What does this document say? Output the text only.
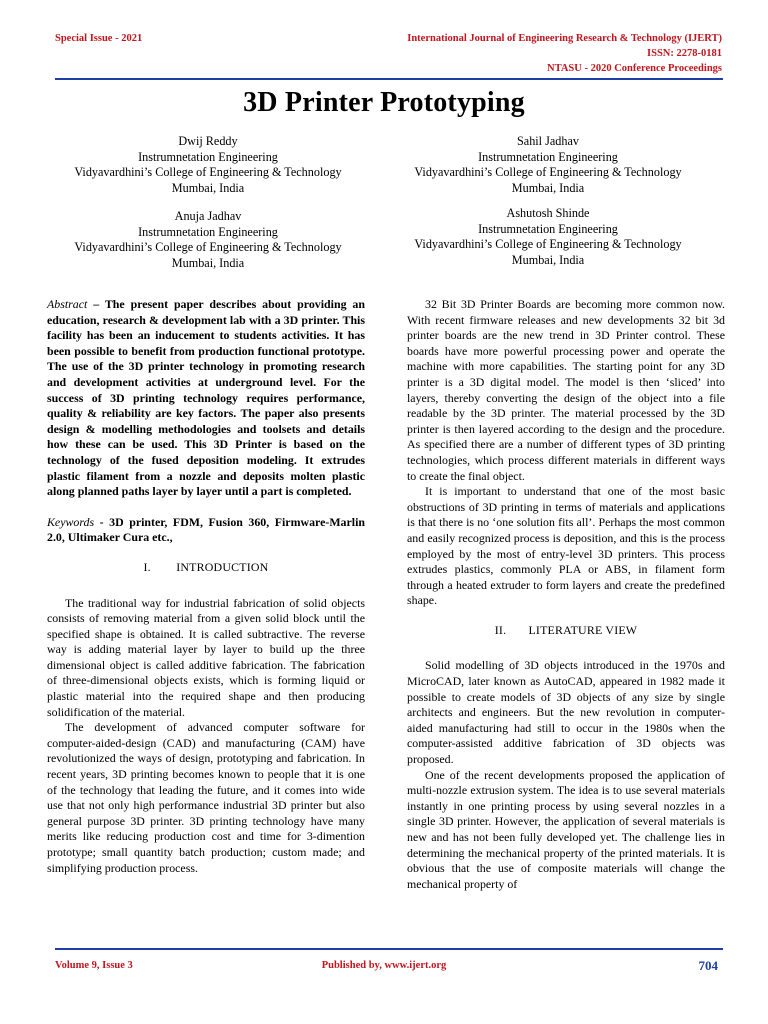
Special Issue - 2021	International Journal of Engineering Research & Technology (IJERT)
ISSN: 2278-0181
NTASU - 2020 Conference Proceedings
3D Printer Prototyping
Dwij Reddy
Instrumnetation Engineering
Vidyavardhini’s College of Engineering & Technology
Mumbai, India
Sahil Jadhav
Instrumnetation Engineering
Vidyavardhini’s College of Engineering & Technology
Mumbai, India
Anuja Jadhav
Instrumnetation Engineering
Vidyavardhini’s College of Engineering & Technology
Mumbai, India
Ashutosh Shinde
Instrumnetation Engineering
Vidyavardhini’s College of Engineering & Technology
Mumbai, India

Abstract – The present paper describes about providing an education, research & development lab with a 3D printer. This facility has been an inducement to students activities. It has been possible to benefit from production functional prototype. The use of the 3D printer technology in promoting research and development activities at underground level. For the success of 3D printing technology requires performance, quality & reliability are key factors. The paper also presents design & modelling methodologies and toolsets and details how these can be used. This 3D Printer is based on the technology of the fused deposition modeling. It extrudes plastic filament from a nozzle and deposits molten plastic along planned paths layer by layer until a part is completed.

Keywords - 3D printer, FDM, Fusion 360, Firmware-Marlin 2.0, Ultimaker Cura etc.,

I.        INTRODUCTION

The traditional way for industrial fabrication of solid objects consists of removing material from a given solid block until the specified shape is obtained. It is called subtractive. The reverse way is adding material layer by layer to build up the three dimensional object is called additive fabrication. The fabrication of three-dimensional objects exists, which is forming liquid or plastic material into the required shape and then producing solidification of the material.

The development of advanced computer software for computer-aided-design (CAD) and manufacturing (CAM) have revolutionized the ways of design, prototyping and fabrication. In recent years, 3D printing becomes known to people that it is one of the technology that leading the future, and it comes into wide use that not only high performance industrial 3D printer but also general purpose 3D printer. 3D printing technology have many merits like reducing production cost and time for 3-dimention prototype; small quantity batch production; custom made; and simplifying production process.

32 Bit 3D Printer Boards are becoming more common now. With recent firmware releases and new developments 32 bit 3d printer boards are the new trend in 3D Printer control. These boards have more powerful processing power and operate the machine with more capabilities. The starting point for any 3D printer is a 3D digital model. The model is then ‘sliced’ into layers, thereby converting the design of the object into a file readable by the 3D printer. The material processed by the 3D printer is then layered according to the design and the procedure. As specified there are a number of different types of 3D printing technologies, which process different materials in different ways to create the final object.

It is important to understand that one of the most basic obstructions of 3D printing in terms of materials and applications is that there is no ‘one solution fits all’. Perhaps the most common and easily recognized process is deposition, and this is the process employed by the most of entry-level 3D printers. This process extrudes plastics, commonly PLA or ABS, in filament form through a heated extruder to form layers and create the predefined shape.

II.       LITERATURE VIEW

Solid modelling of 3D objects introduced in the 1970s and MicroCAD, later known as AutoCAD, appeared in 1982 made it possible to create models of 3D objects of any size by single architects and engineers. But the new revolution in computer-aided manufacturing had still to occur in the 1980s when the computer-assisted additive fabrication of 3D objects was proposed.

One of the recent developments proposed the application of multi-nozzle extrusion system. The idea is to use several materials instantly in one printing process by using several nozzles in a single 3D printer. However, the application of several materials is new and has not been fully developed yet. The challenge lies in determining the mechanical property of the printed materials. It is obvious that the use of composite materials will change the mechanical property of

Volume 9, Issue 3	Published by, www.ijert.org	704
